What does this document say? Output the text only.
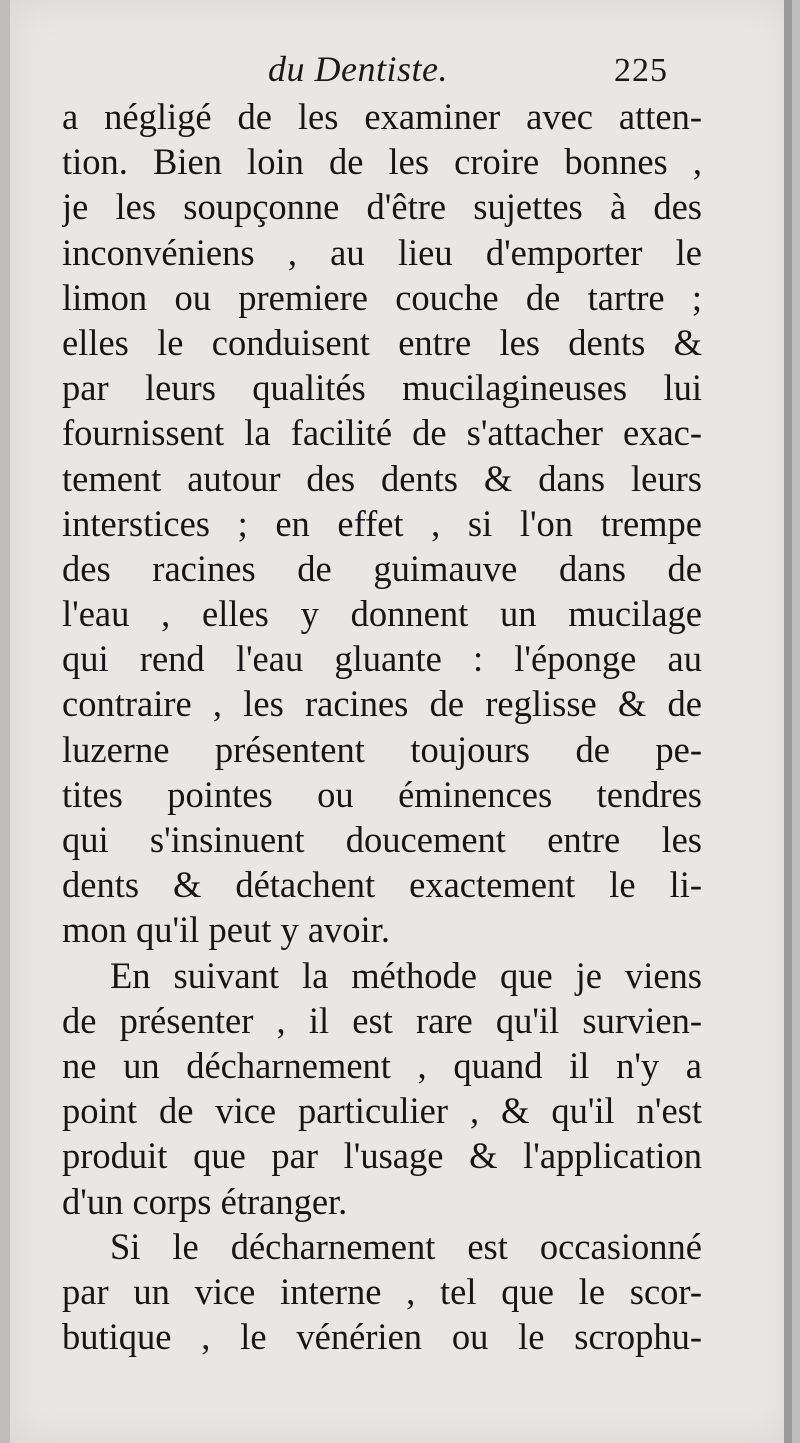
du Dentiste.	225
a négligé de les examiner avec atten-
tion. Bien loin de les croire bonnes ,
je les soupçonne d'être sujettes à des
inconvéniens , au lieu d'emporter le
limon ou premiere couche de tartre ;
elles le conduisent entre les dents &
par leurs qualités mucilagineuses lui
fournissent la facilité de s'attacher exac-
tement autour des dents & dans leurs
interstices ; en effet , si l'on trempe
des racines de guimauve dans de
l'eau , elles y donnent un mucilage
qui rend l'eau gluante : l'éponge au
contraire , les racines de reglisse & de
luzerne présentent toujours de pe-
tites pointes ou éminences tendres
qui s'insinuent doucement entre les
dents & détachent exactement le li-
mon qu'il peut y avoir.
En suivant la méthode que je viens
de présenter , il est rare qu'il survien-
ne un décharnement , quand il n'y a
point de vice particulier , & qu'il n'est
produit que par l'usage & l'application
d'un corps étranger.
Si le décharnement est occasionné
par un vice interne , tel que le scor-
butique , le vénérien ou le scrophu-
